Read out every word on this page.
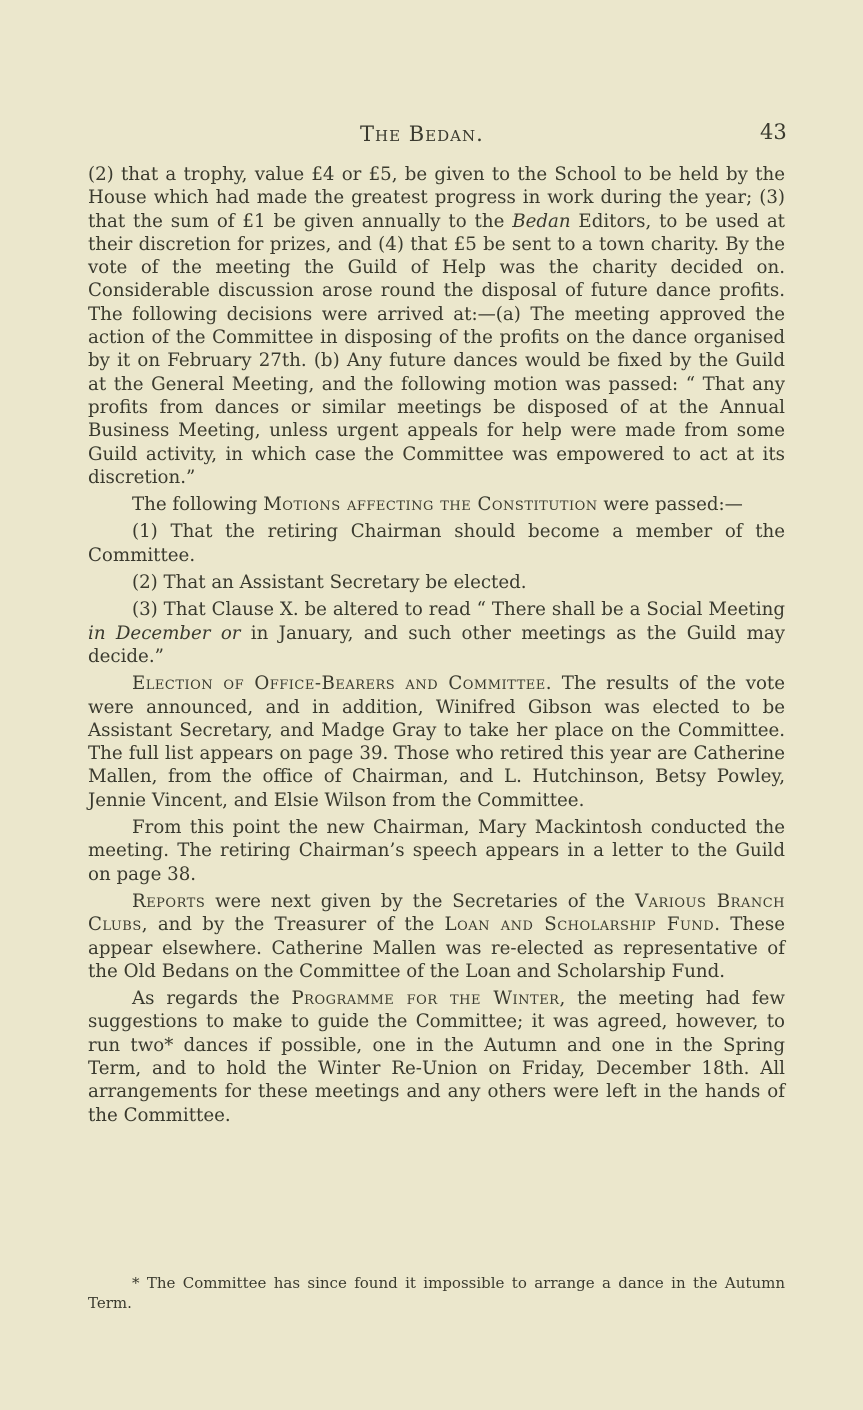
The Bedan.	43

(2) that a trophy, value £4 or £5, be given to the School to be held by the House which had made the greatest progress in work during the year; (3) that the sum of £1 be given annually to the Bedan Editors, to be used at their discretion for prizes, and (4) that £5 be sent to a town charity. By the vote of the meeting the Guild of Help was the charity decided on. Considerable discussion arose round the disposal of future dance profits. The following decisions were arrived at:—(a) The meeting approved the action of the Committee in disposing of the profits on the dance organised by it on February 27th. (b) Any future dances would be fixed by the Guild at the General Meeting, and the following motion was passed: “ That any profits from dances or similar meetings be disposed of at the Annual Business Meeting, unless urgent appeals for help were made from some Guild activity, in which case the Committee was empowered to act at its discretion.”

The following Motions affecting the Constitution were passed:—

(1) That the retiring Chairman should become a member of the Committee.

(2) That an Assistant Secretary be elected.

(3) That Clause X. be altered to read “ There shall be a Social Meeting in December or in January, and such other meetings as the Guild may decide.”

Election of Office-Bearers and Committee. The results of the vote were announced, and in addition, Winifred Gibson was elected to be Assistant Secretary, and Madge Gray to take her place on the Committee. The full list appears on page 39. Those who retired this year are Catherine Mallen, from the office of Chairman, and L. Hutchinson, Betsy Powley, Jennie Vincent, and Elsie Wilson from the Committee.

From this point the new Chairman, Mary Mackintosh conducted the meeting. The retiring Chairman’s speech appears in a letter to the Guild on page 38.

Reports were next given by the Secretaries of the Various Branch Clubs, and by the Treasurer of the Loan and Scholarship Fund. These appear elsewhere. Catherine Mallen was re-elected as representative of the Old Bedans on the Committee of the Loan and Scholarship Fund.

As regards the Programme for the Winter, the meeting had few suggestions to make to guide the Committee; it was agreed, however, to run two* dances if possible, one in the Autumn and one in the Spring Term, and to hold the Winter Re-Union on Friday, December 18th. All arrangements for these meetings and any others were left in the hands of the Committee.

* The Committee has since found it impossible to arrange a dance in the Autumn Term.
